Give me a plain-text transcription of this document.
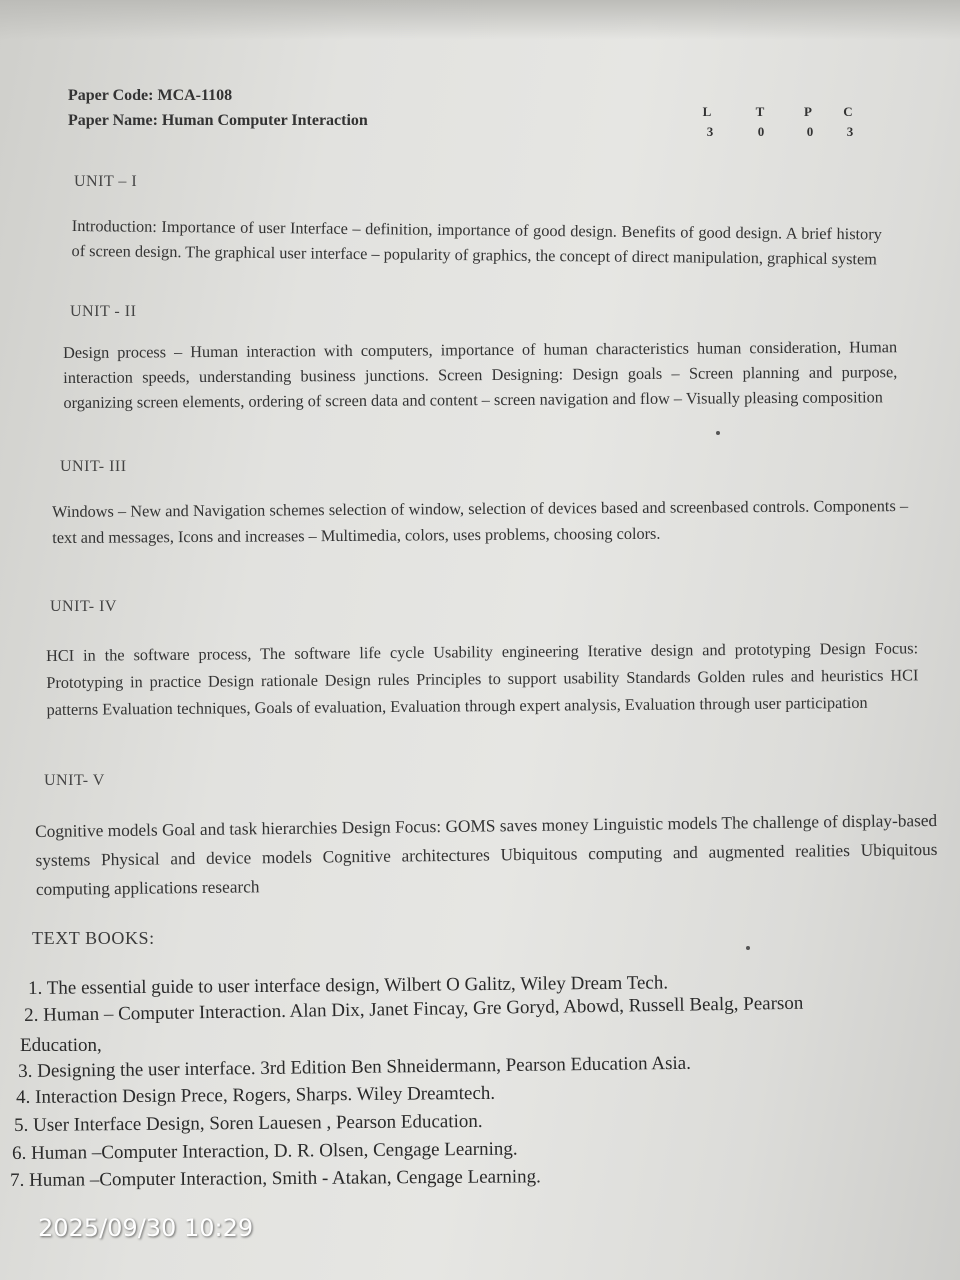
Paper Code: MCA-1108
Paper Name: Human Computer Interaction
L	T	P	C
3	0	0	3
UNIT – I
Introduction: Importance of user Interface – definition, importance of good design. Benefits of good design. A brief history of screen design. The graphical user interface – popularity of graphics, the concept of direct manipulation, graphical system
UNIT - II
Design process – Human interaction with computers, importance of human characteristics human consideration, Human interaction speeds, understanding business junctions. Screen Designing: Design goals – Screen planning and purpose, organizing screen elements, ordering of screen data and content – screen navigation and flow – Visually pleasing composition
UNIT- III
Windows – New and Navigation schemes selection of window, selection of devices based and screenbased controls. Components – text and messages, Icons and increases – Multimedia, colors, uses problems, choosing colors.
UNIT- IV
HCI in the software process, The software life cycle Usability engineering Iterative design and prototyping Design Focus: Prototyping in practice Design rationale Design rules Principles to support usability Standards Golden rules and heuristics HCI patterns Evaluation techniques, Goals of evaluation, Evaluation through expert analysis, Evaluation through user participation
UNIT- V
Cognitive models Goal and task hierarchies Design Focus: GOMS saves money Linguistic models The challenge of display-based systems Physical and device models Cognitive architectures Ubiquitous computing and augmented realities Ubiquitous computing applications research
TEXT BOOKS:
1. The essential guide to user interface design, Wilbert O Galitz, Wiley Dream Tech.
2. Human – Computer Interaction. Alan Dix, Janet Fincay, Gre Goryd, Abowd, Russell Bealg, Pearson
Education,
3. Designing the user interface. 3rd Edition Ben Shneidermann, Pearson Education Asia.
4. Interaction Design Prece, Rogers, Sharps. Wiley Dreamtech.
5. User Interface Design, Soren Lauesen , Pearson Education.
6. Human –Computer Interaction, D. R. Olsen, Cengage Learning.
7. Human –Computer Interaction, Smith - Atakan, Cengage Learning.
2025/09/30 10:29
